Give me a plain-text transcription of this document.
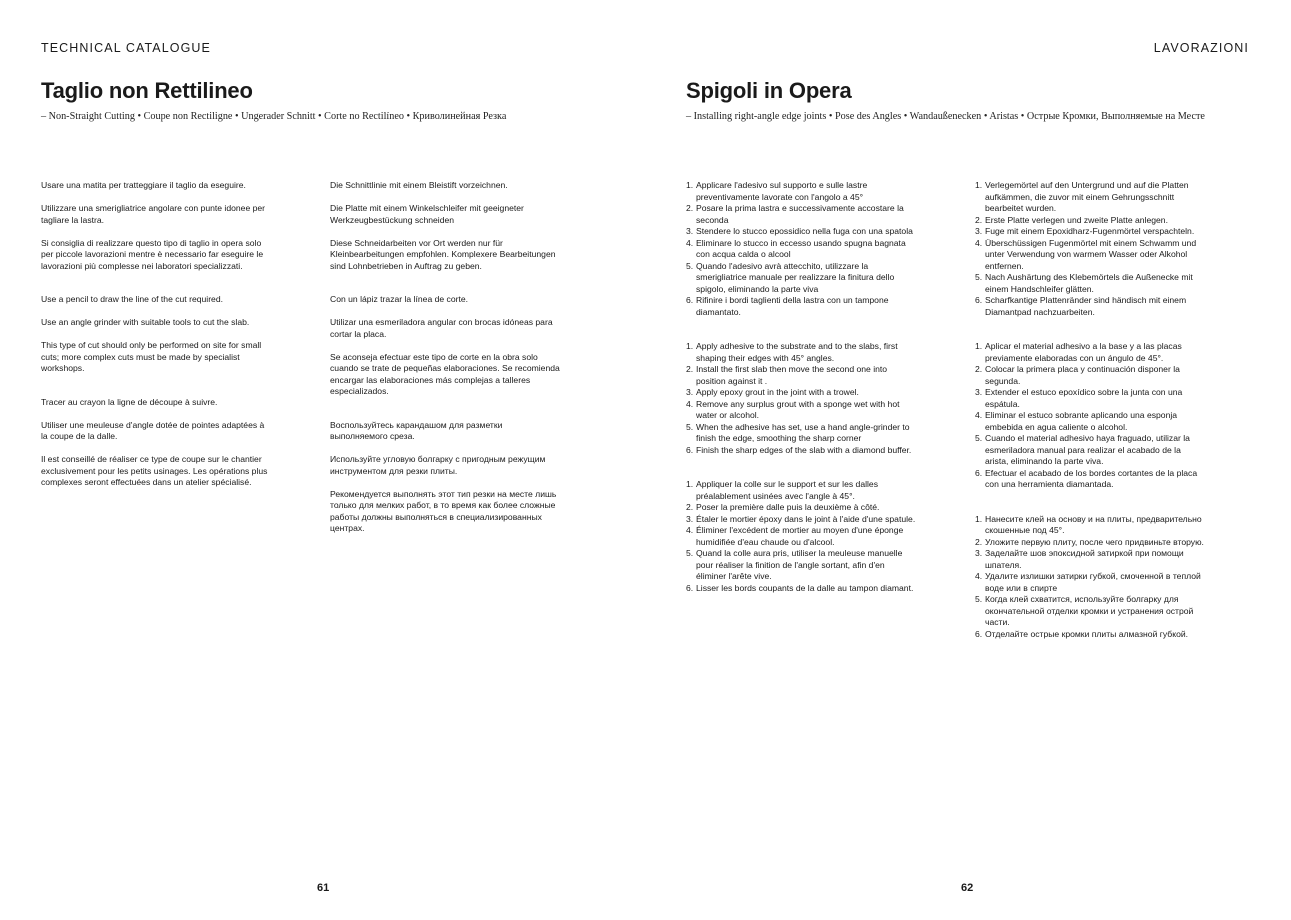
TECHNICAL CATALOGUE
Taglio non Rettilineo
– Non-Straight Cutting • Coupe non Rectiligne • Ungerader Schnitt • Corte no Rectilíneo • Криволинейная Резка

Usare una matita per tratteggiare il taglio da eseguire.

Utilizzare una smerigliatrice angolare con punte idonee per tagliare la lastra.

Si consiglia di realizzare questo tipo di taglio in opera solo per piccole lavorazioni mentre è necessario far eseguire le lavorazioni più complesse nei laboratori specializzati.

Use a pencil to draw the line of the cut required.

Use an angle grinder with suitable tools to cut the slab.

This type of cut should only be performed on site for small cuts; more complex cuts must be made by specialist workshops.

Tracer au crayon la ligne de découpe à suivre.

Utiliser une meuleuse d'angle dotée de pointes adaptées à la coupe de la dalle.

Il est conseillé de réaliser ce type de coupe sur le chantier exclusivement pour les petits usinages. Les opérations plus complexes seront effectuées dans un atelier spécialisé.

Die Schnittlinie mit einem Bleistift vorzeichnen.

Die Platte mit einem Winkelschleifer mit geeigneter Werkzeugbestückung schneiden

Diese Schneidarbeiten vor Ort werden nur für Kleinbearbeitungen empfohlen. Komplexere Bearbeitungen sind Lohnbetrieben in Auftrag zu geben.

Con un lápiz trazar la línea de corte.

Utilizar una esmeriladora angular con brocas idóneas para cortar la placa.

Se aconseja efectuar este tipo de corte en la obra solo cuando se trate de pequeñas elaboraciones. Se recomienda encargar las elaboraciones más complejas a talleres especializados.

Воспользуйтесь карандашом для разметки выполняемого среза.

Используйте угловую болгарку с пригодным режущим инструментом для резки плиты.

Рекомендуется выполнять этот тип резки на месте лишь только для мелких работ, в то время как более сложные работы должны выполняться в специализированных центрах.

61
LAVORAZIONI
Spigoli in Opera
– Installing right-angle edge joints • Pose des Angles • Wandaußenecken • Aristas • Острые Кромки, Выполняемые на Месте
Applicare l'adesivo sul supporto e sulle lastre preventivamente lavorate con l'angolo a 45°
Posare la prima lastra e successivamente accostare la seconda
Stendere lo stucco epossidico nella fuga con una spatola
Eliminare lo stucco in eccesso usando spugna bagnata con acqua calda o alcool
Quando l'adesivo avrà attecchito, utilizzare la smerigliatrice manuale per realizzare la finitura dello spigolo, eliminando la parte viva
Rifinire i bordi taglienti della lastra con un tampone diamantato.
Apply adhesive to the substrate and to the slabs, first shaping their edges with 45° angles.
Install the first slab then move the second one into position against it .
Apply epoxy grout in the joint with a trowel.
Remove any surplus grout with a sponge wet with hot water or alcohol.
When the adhesive has set, use a hand angle-grinder to finish the edge, smoothing the sharp corner
Finish the sharp edges of the slab with a diamond buffer.
Appliquer la colle sur le support et sur les dalles préalablement usinées avec l'angle à 45°.
Poser la première dalle puis la deuxième à côté.
Étaler le mortier époxy dans le joint à l'aide d'une spatule.
Éliminer l'excédent de mortier au moyen d'une éponge humidifiée d'eau chaude ou d'alcool.
Quand la colle aura pris, utiliser la meuleuse manuelle pour réaliser la finition de l'angle sortant, afin d'en éliminer l'arête vive.
Lisser les bords coupants de la dalle au tampon diamant.
Verlegemörtel auf den Untergrund und auf die Platten aufkämmen, die zuvor mit einem Gehrungsschnitt bearbeitet wurden.
Erste Platte verlegen und zweite Platte anlegen.
Fuge mit einem Epoxidharz-Fugenmörtel verspachteln.
Überschüssigen Fugenmörtel mit einem Schwamm und unter Verwendung von warmem Wasser oder Alkohol entfernen.
Nach Aushärtung des Klebemörtels die Außenecke mit einem Handschleifer glätten.
Scharfkantige Plattenränder sind händisch mit einem Diamantpad nachzuarbeiten.
Aplicar el material adhesivo a la base y a las placas previamente elaboradas con un ángulo de 45°.
Colocar la primera placa y continuación disponer la segunda.
Extender el estuco epoxídico sobre la junta con una espátula.
Eliminar el estuco sobrante aplicando una esponja embebida en agua caliente o alcohol.
Cuando el material adhesivo haya fraguado, utilizar la esmeriladora manual para realizar el acabado de la arista, eliminando la parte viva.
Efectuar el acabado de los bordes cortantes de la placa con una herramienta diamantada.
Нанесите клей на основу и на плиты, предварительно скошенные под 45°.
Уложите первую плиту, после чего придвиньте вторую.
Заделайте шов эпоксидной затиркой при помощи шпателя.
Удалите излишки затирки губкой, смоченной в теплой воде или в спирте
Когда клей схватится, используйте болгарку для окончательной отделки кромки и устранения острой части.
Отделайте острые кромки плиты алмазной губкой.
62
